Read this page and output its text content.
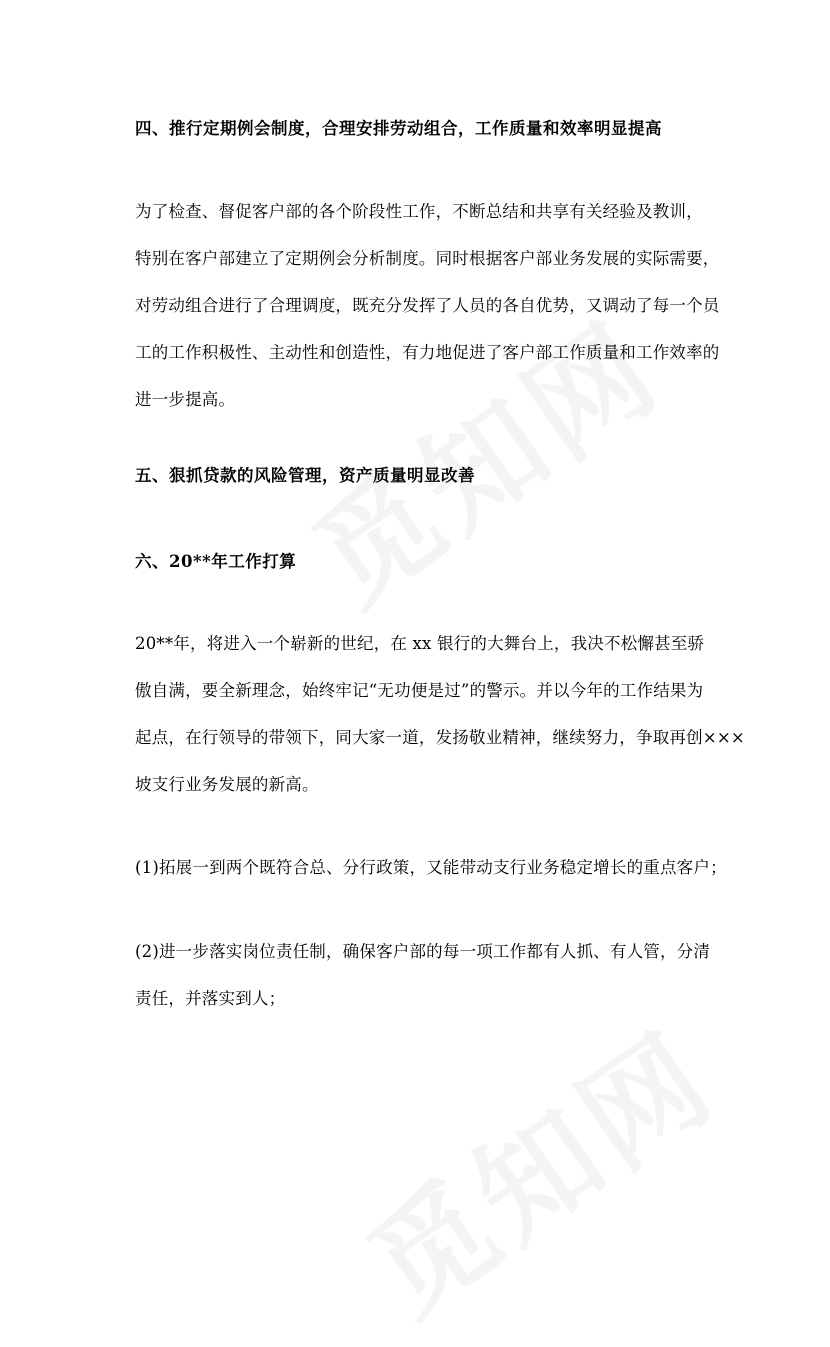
四、推行定期例会制度，合理安排劳动组合，工作质量和效率明显提高
为了检查、督促客户部的各个阶段性工作，不断总结和共享有关经验及教训，
特别在客户部建立了定期例会分析制度。同时根据客户部业务发展的实际需要，
对劳动组合进行了合理调度，既充分发挥了人员的各自优势，又调动了每一个员
工的工作积极性、主动性和创造性，有力地促进了客户部工作质量和工作效率的
进一步提高。
五、狠抓贷款的风险管理，资产质量明显改善
六、20**年工作打算
20**年，将进入一个崭新的世纪，在 xx 银行的大舞台上，我决不松懈甚至骄
傲自满，要全新理念，始终牢记“无功便是过”的警示。并以今年的工作结果为
起点，在行领导的带领下，同大家一道，发扬敬业精神，继续努力，争取再创×××
坡支行业务发展的新高。
(1)拓展一到两个既符合总、分行政策，又能带动支行业务稳定增长的重点客户；
(2)进一步落实岗位责任制，确保客户部的每一项工作都有人抓、有人管，分清
责任，并落实到人；
